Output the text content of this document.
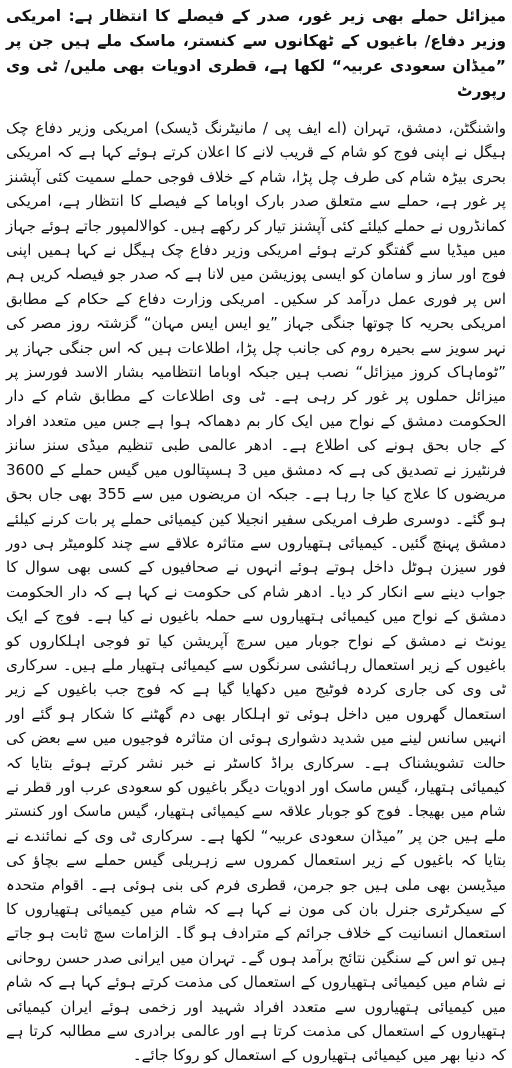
میزائل حملے بھی زیر غور، صدر کے فیصلے کا انتظار ہے: امریکی وزیر دفاع/ باغیوں کے ٹھکانوں سے کنستر، ماسک ملے ہیں جن پر ”میڈان سعودی عربیہ“ لکھا ہے، قطری ادویات بھی ملیں/ ٹی وی رپورٹ

واشنگٹن، دمشق، تہران (اے ایف پی / مانیٹرنگ ڈیسک) امریکی وزیر دفاع چک ہیگل نے اپنی فوج کو شام کے قریب لانے کا اعلان کرتے ہوئے کہا ہے کہ امریکی بحری بیڑہ شام کی طرف چل پڑا، شام کے خلاف فوجی حملے سمیت کئی آپشنز پر غور ہے، حملے سے متعلق صدر بارک اوباما کے فیصلے کا انتظار ہے، امریکی کمانڈروں نے حملے کیلئے کئی آپشنز تیار کر رکھے ہیں۔ کوالالمپور جاتے ہوئے جہاز میں میڈیا سے گفتگو کرتے ہوئے امریکی وزیر دفاع چک ہیگل نے کہا ہمیں اپنی فوج اور ساز و سامان کو ایسی پوزیشن میں لانا ہے کہ صدر جو فیصلہ کریں ہم اس پر فوری عمل درآمد کر سکیں۔ امریکی وزارت دفاع کے حکام کے مطابق امریکی بحریہ کا چوتھا جنگی جہاز ”یو ایس ایس مہان“ گزشتہ روز مصر کی نہر سویز سے بحیرہ روم کی جانب چل پڑا، اطلاعات ہیں کہ اس جنگی جہاز پر ”ٹوماہاک کروز میزائل“ نصب ہیں جبکہ اوباما انتظامیہ بشار الاسد فورسز پر میزائل حملوں پر غور کر رہی ہے۔ ٹی وی اطلاعات کے مطابق شام کے دار الحکومت دمشق کے نواح میں ایک کار بم دھماکہ ہوا ہے جس میں متعدد افراد کے جاں بحق ہونے کی اطلاع ہے۔ ادھر عالمی طبی تنظیم میڈی سنز سانز فرنٹیرز نے تصدیق کی ہے کہ دمشق میں 3 ہسپتالوں میں گیس حملے کے 3600 مریضوں کا علاج کیا جا رہا ہے۔ جبکہ ان مریضوں میں سے 355 بھی جاں بحق ہو گئے۔ دوسری طرف امریکی سفیر انجیلا کین کیمیائی حملے پر بات کرنے کیلئے دمشق پہنچ گئیں۔ کیمیائی ہتھیاروں سے متاثرہ علاقے سے چند کلومیٹر ہی دور فور سیزن ہوٹل داخل ہوتے ہوئے انہوں نے صحافیوں کے کسی بھی سوال کا جواب دینے سے انکار کر دیا۔ ادھر شام کی حکومت نے کہا ہے کہ دار الحکومت دمشق کے نواح میں کیمیائی ہتھیاروں سے حملہ باغیوں نے کیا ہے۔ فوج کے ایک یونٹ نے دمشق کے نواح جوبار میں سرچ آپریشن کیا تو فوجی اہلکاروں کو باغیوں کے زیر استعمال رہائشی سرنگوں سے کیمیائی ہتھیار ملے ہیں۔ سرکاری ٹی وی کی جاری کردہ فوٹیج میں دکھایا گیا ہے کہ فوج جب باغیوں کے زیر استعمال گھروں میں داخل ہوئی تو اہلکار بھی دم گھٹنے کا شکار ہو گئے اور انہیں سانس لینے میں شدید دشواری ہوئی ان متاثرہ فوجیوں میں سے بعض کی حالت تشویشناک ہے۔ سرکاری براڈ کاسٹر نے خبر نشر کرتے ہوئے بتایا کہ کیمیائی ہتھیار، گیس ماسک اور ادویات دیگر باغیوں کو سعودی عرب اور قطر نے شام میں بھیجا۔ فوج کو جوبار علاقہ سے کیمیائی ہتھیار، گیس ماسک اور کنستر ملے ہیں جن پر ”میڈان سعودی عربیہ“ لکھا ہے۔ سرکاری ٹی وی کے نمائندے نے بتایا کہ باغیوں کے زیر استعمال کمروں سے زہریلی گیس حملے سے بچاؤ کی میڈیسن بھی ملی ہیں جو جرمن، قطری فرم کی بنی ہوئی ہے۔ اقوام متحدہ کے سیکرٹری جنرل بان کی مون نے کہا ہے کہ شام میں کیمیائی ہتھیاروں کا استعمال انسانیت کے خلاف جرائم کے مترادف ہو گا۔ الزامات سچ ثابت ہو جاتے ہیں تو اس کے سنگین نتائج برآمد ہوں گے۔ تہران میں ایرانی صدر حسن روحانی نے شام میں کیمیائی ہتھیاروں کے استعمال کی مذمت کرتے ہوئے کہا ہے کہ شام میں کیمیائی ہتھیاروں سے متعدد افراد شہید اور زخمی ہوئے ایران کیمیائی ہتھیاروں کے استعمال کی مذمت کرتا ہے اور عالمی برادری سے مطالبہ کرتا ہے کہ دنیا بھر میں کیمیائی ہتھیاروں کے استعمال کو روکا جائے۔
